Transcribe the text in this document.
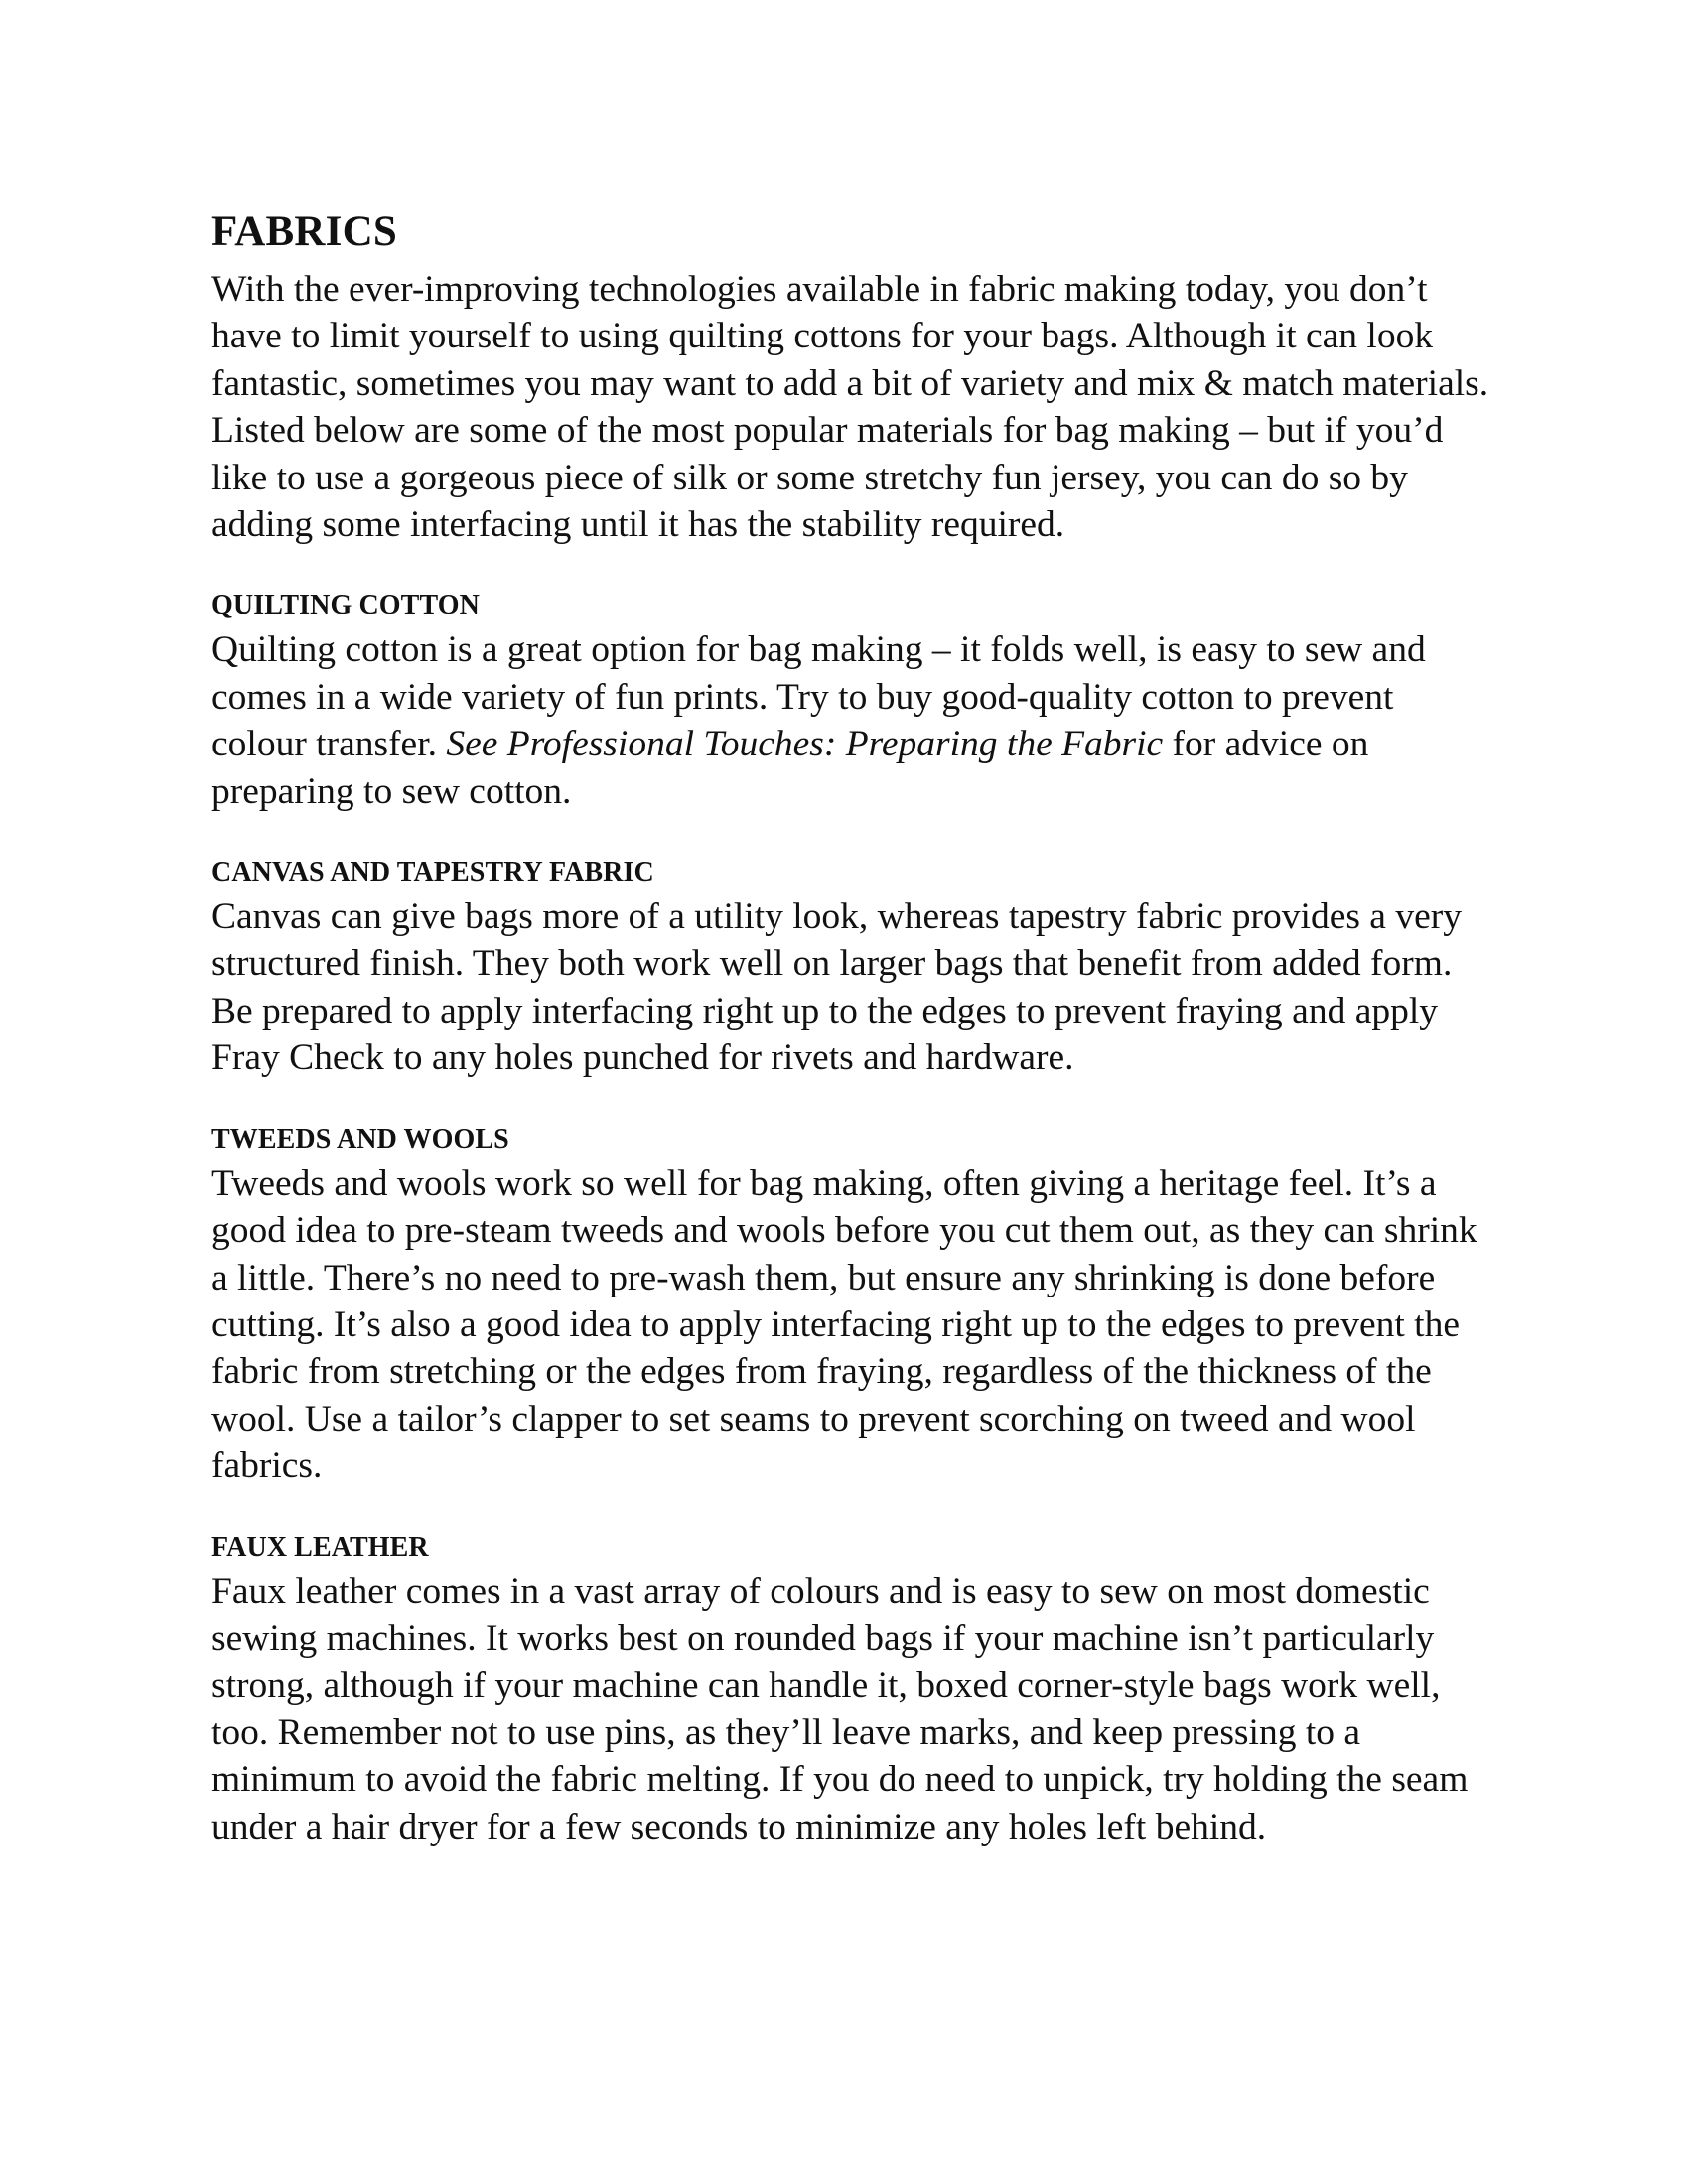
FABRICS

With the ever-improving technologies available in fabric making today, you don’t have to limit yourself to using quilting cottons for your bags. Although it can look fantastic, sometimes you may want to add a bit of variety and mix & match materials. Listed below are some of the most popular materials for bag making – but if you’d like to use a gorgeous piece of silk or some stretchy fun jersey, you can do so by adding some interfacing until it has the stability required.

QUILTING COTTON

Quilting cotton is a great option for bag making – it folds well, is easy to sew and comes in a wide variety of fun prints. Try to buy good-quality cotton to prevent colour transfer. See Professional Touches: Preparing the Fabric for advice on preparing to sew cotton.

CANVAS AND TAPESTRY FABRIC

Canvas can give bags more of a utility look, whereas tapestry fabric provides a very structured finish. They both work well on larger bags that benefit from added form. Be prepared to apply interfacing right up to the edges to prevent fraying and apply Fray Check to any holes punched for rivets and hardware.

TWEEDS AND WOOLS

Tweeds and wools work so well for bag making, often giving a heritage feel. It’s a good idea to pre-steam tweeds and wools before you cut them out, as they can shrink a little. There’s no need to pre-wash them, but ensure any shrinking is done before cutting. It’s also a good idea to apply interfacing right up to the edges to prevent the fabric from stretching or the edges from fraying, regardless of the thickness of the wool. Use a tailor’s clapper to set seams to prevent scorching on tweed and wool fabrics.

FAUX LEATHER

Faux leather comes in a vast array of colours and is easy to sew on most domestic sewing machines. It works best on rounded bags if your machine isn’t particularly strong, although if your machine can handle it, boxed corner-style bags work well, too. Remember not to use pins, as they’ll leave marks, and keep pressing to a minimum to avoid the fabric melting. If you do need to unpick, try holding the seam under a hair dryer for a few seconds to minimize any holes left behind.
